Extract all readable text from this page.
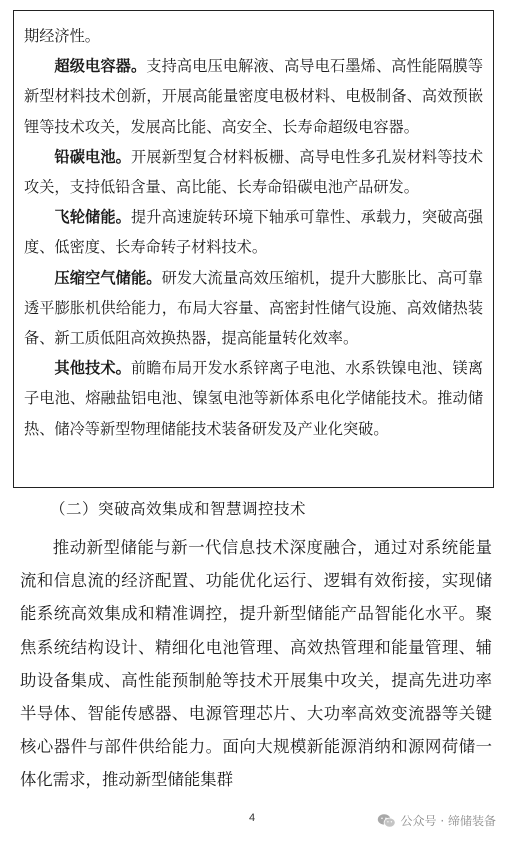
期经济性。

超级电容器。支持高电压电解液、高导电石墨烯、高性能隔膜等新型材料技术创新，开展高能量密度电极材料、电极制备、高效预嵌锂等技术攻关，发展高比能、高安全、长寿命超级电容器。

铅碳电池。开展新型复合材料板栅、高导电性多孔炭材料等技术攻关，支持低铅含量、高比能、长寿命铅碳电池产品研发。

飞轮储能。提升高速旋转环境下轴承可靠性、承载力，突破高强度、低密度、长寿命转子材料技术。

压缩空气储能。研发大流量高效压缩机，提升大膨胀比、高可靠透平膨胀机供给能力，布局大容量、高密封性储气设施、高效储热装备、新工质低阻高效换热器，提高能量转化效率。

其他技术。前瞻布局开发水系锌离子电池、水系铁镍电池、镁离子电池、熔融盐铝电池、镍氢电池等新体系电化学储能技术。推动储热、储冷等新型物理储能技术装备研发及产业化突破。

（二）突破高效集成和智慧调控技术

推动新型储能与新一代信息技术深度融合，通过对系统能量流和信息流的经济配置、功能优化运行、逻辑有效衔接，实现储能系统高效集成和精准调控，提升新型储能产品智能化水平。聚焦系统结构设计、精细化电池管理、高效热管理和能量管理、辅助设备集成、高性能预制舱等技术开展集中攻关，提高先进功率半导体、智能传感器、电源管理芯片、大功率高效变流器等关键核心器件与部件供给能力。面向大规模新能源消纳和源网荷储一体化需求，推动新型储能集群

4	公众号 · 缔储装备
